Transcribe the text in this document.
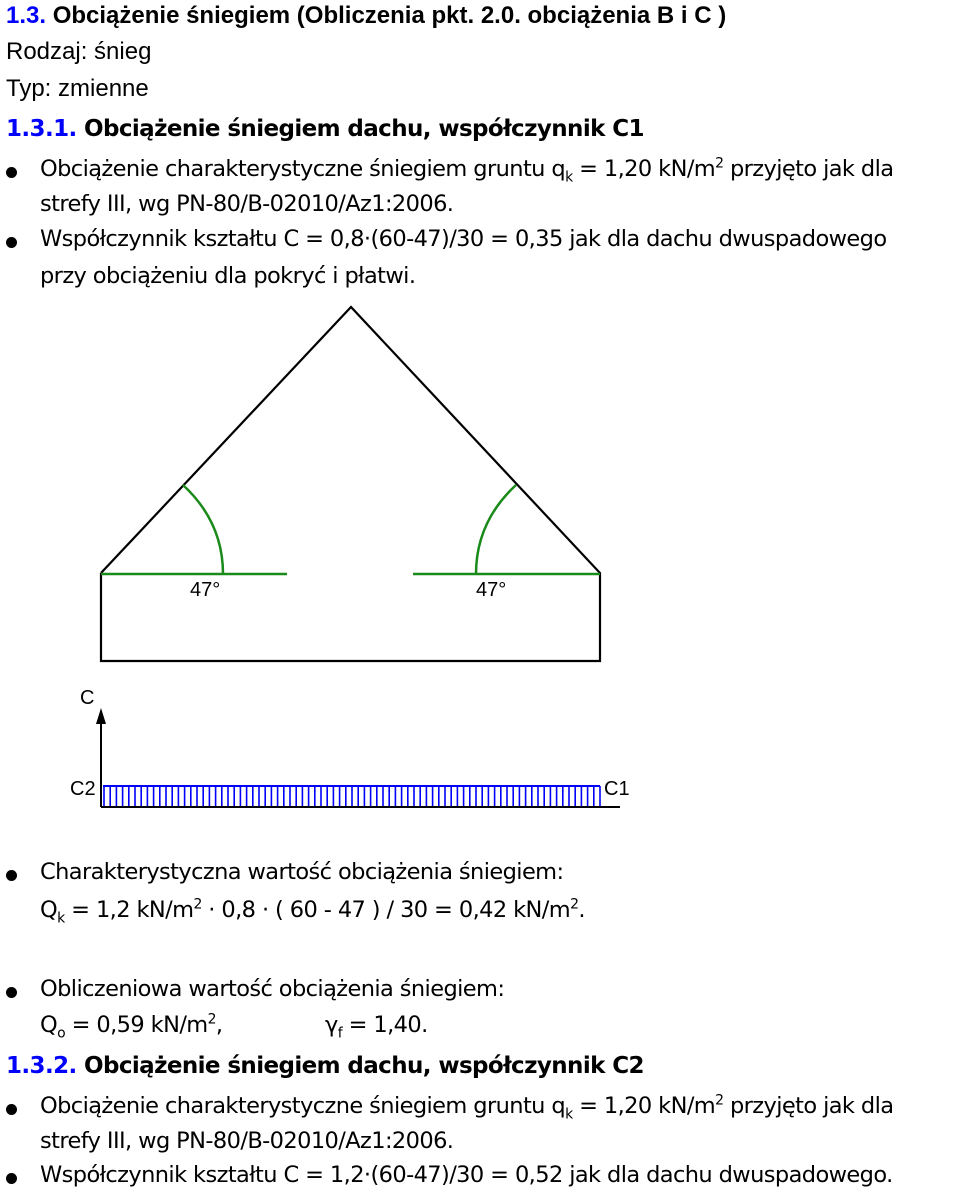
1.3. Obciążenie śniegiem (Obliczenia pkt. 2.0. obciążenia B i C )
Rodzaj: śnieg
Typ: zmienne
1.3.1. Obciążenie śniegiem dachu, współczynnik C1
Obciążenie charakterystyczne śniegiem gruntu $q_k = 1,20$ $kN/m^2$ przyjęto jak dla
strefy III, wg PN-80/B-02010/Az1:2006.
Współczynnik kształtu C = 0,8·(60-47)/30 = 0,35 jak dla dachu dwuspadowego
przy obciążeniu dla pokryć i płatwi.
47°	47°
C
C2	C1
Charakterystyczna wartość obciążenia śniegiem:
$Q_k = 1,2$ $kN/m^2 \cdot 0,8$ · ( 60 - 47 ) / 30 = 0,42 $kN/m^2$.
Obliczeniowa wartość obciążenia śniegiem:
$Q_o = 0,59$ $kN/m^2$,	$\gamma_f = 1,40$.
1.3.2. Obciążenie śniegiem dachu, współczynnik C2
Obciążenie charakterystyczne śniegiem gruntu $q_k = 1,20$ $kN/m^2$ przyjęto jak dla
strefy III, wg PN-80/B-02010/Az1:2006.
Współczynnik kształtu C = 1,2·(60-47)/30 = 0,52 jak dla dachu dwuspadowego.
